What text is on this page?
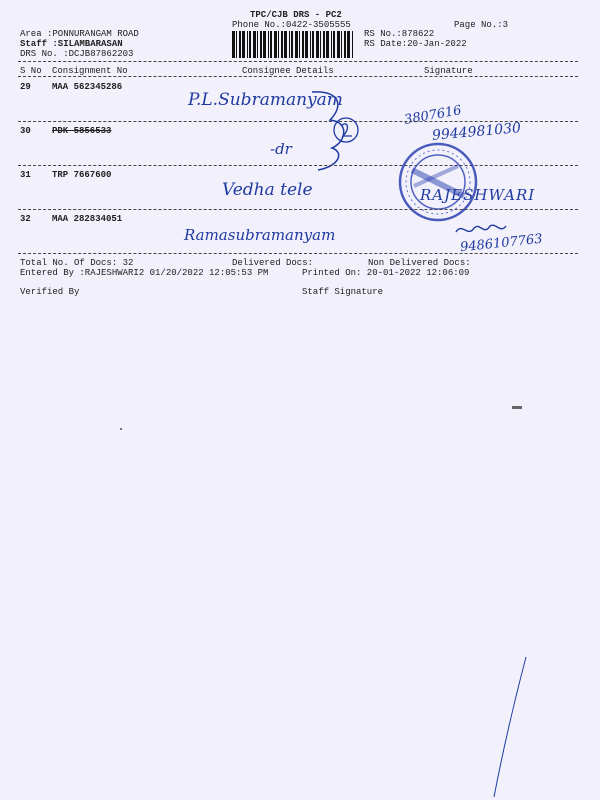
TPC/CJB DRS - PC2
Phone No.:0422-3505555	Page No.:3
Area :PONNURANGAM ROAD
Staff :SILAMBARASAN
DRS No. :DCJB87862203
RS No.:878622
RS Date:20-Jan-2022
S No Consignment No	Consignee Details	Signature
29 MAA 562345286
P.L.Subramanyam
3807616
30 PDK 5856533
-dr
9944981030
31 TRP 7667600
Vedha tele	RAJESHWARI
32 MAA 282834051
Ramasubramanyam	9486107763
Total No. Of Docs: 32	Delivered Docs:	Non Delivered Docs:
Entered By :RAJESHWARI2 01/20/2022 12:05:53 PM	Printed On: 20-01-2022 12:06:09
Verified By	Staff Signature
